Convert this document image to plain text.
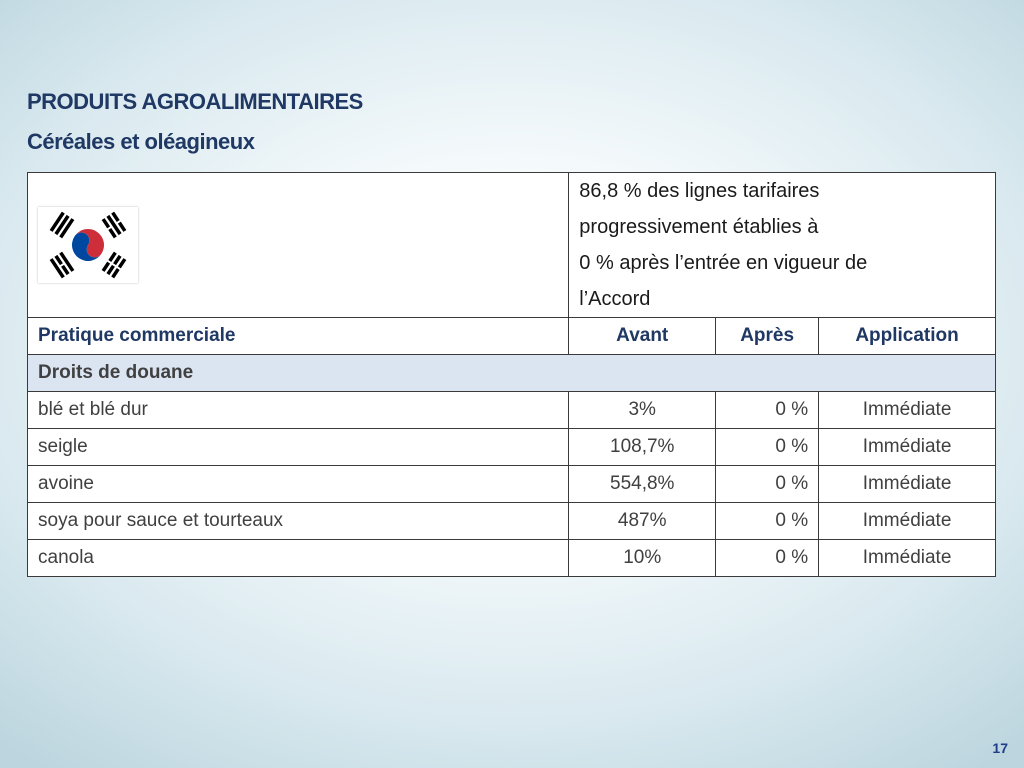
PRODUITS AGROALIMENTAIRES
Céréales et oléagineux

86,8 % des lignes tarifaires
progressivement établies à
0 % après l’entrée en vigueur de
l’Accord		

Pratique commerciale	Avant	Après	Application
Droits de douane			
blé et blé dur	3%	0 %	Immédiate
seigle	108,7%	0 %	Immédiate
avoine	554,8%	0 %	Immédiate
soya pour sauce et tourteaux	487%	0 %	Immédiate
canola	10%	0 %	Immédiate
17
